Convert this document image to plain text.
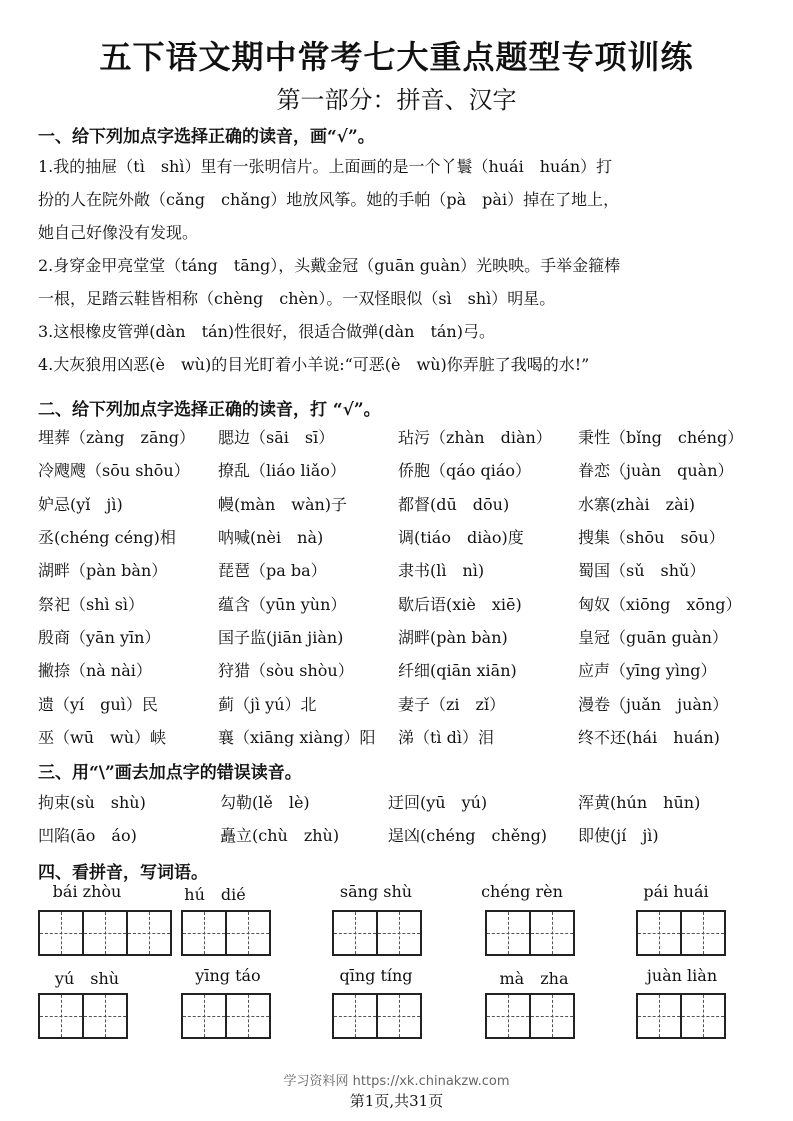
五下语文期中常考七大重点题型专项训练
第一部分：拼音、汉字
一、给下列加点字选择正确的读音，画“√”。
1.我的抽屉（tì　shì）里有一张明信片。上面画的是一个丫鬟（huái　huán）打
扮的人在院外敞（cǎng　chǎng）地放风筝。她的手帕（pà　pài）掉在了地上，
她自己好像没有发现。
2.身穿金甲亮堂堂（táng　tāng），头戴金冠（guān guàn）光映映。手举金箍棒
一根，足踏云鞋皆相称（chèng　chèn）。一双怪眼似（sì　shì）明星。
3.这根橡皮管弹(dàn　tán)性很好，很适合做弹(dàn　tán)弓。
4.大灰狼用凶恶(è　wù)的目光盯着小羊说:“可恶(è　wù)你弄脏了我喝的水!”
二、给下列加点字选择正确的读音，打 “√”。
埋葬（zàng　zāng）	腮边（sāi　sī）	玷污（zhàn　diàn）	秉性（bǐng　chéng）
冷飕飕（sōu shōu）	撩乱（liáo liǎo）	侨胞（qáo qiáo）	眷恋（juàn　quàn）
妒忌(yǐ　jì)	幔(màn　wàn)子	都督(dū　dōu)	水寨(zhài　zài)
丞(chéng céng)相	呐喊(nèi　nà)	调(tiáo　diào)度	搜集（shōu　sōu）
湖畔（pàn bàn）	琵琶（pa ba）	隶书(lì　nì)	蜀国（sǔ　shǔ）
祭祀（shì sì）	蕴含（yūn yùn）	歇后语(xiè　xiē)	匈奴（xiōng　xōng）
殷商（yān yīn）	国子监(jiān jiàn)	湖畔(pàn bàn)	皇冠（guān guàn）
撇捺（nà nài）	狩猎（sòu shòu）	纤细(qiān xiān)	应声（yīng yìng）
遗（yí　guì）民	蓟（jì yú）北	妻子（zi　zǐ）	漫卷（juǎn　juàn）
巫（wū　wù）峡	襄（xiāng xiàng）阳	涕（tì dì）泪	终不还(hái　huán)
三、用“\”画去加点字的错误读音。
拘束(sù　shù)	勾勒(lě　lè)	迂回(yū　yú)	浑黄(hún　hūn)
凹陷(āo　áo)	矗立(chù　zhù)	逞凶(chéng　chěng)	即使(jí　jì)
四、看拼音，写词语。
bái zhòu	hú　dié	sāng shù	chéng rèn	pái huái
yú　shù	yīng táo	qīng tíng	mà　zha	juàn liàn
学习资料网 https://xk.chinakzw.com
第1页,共31页
